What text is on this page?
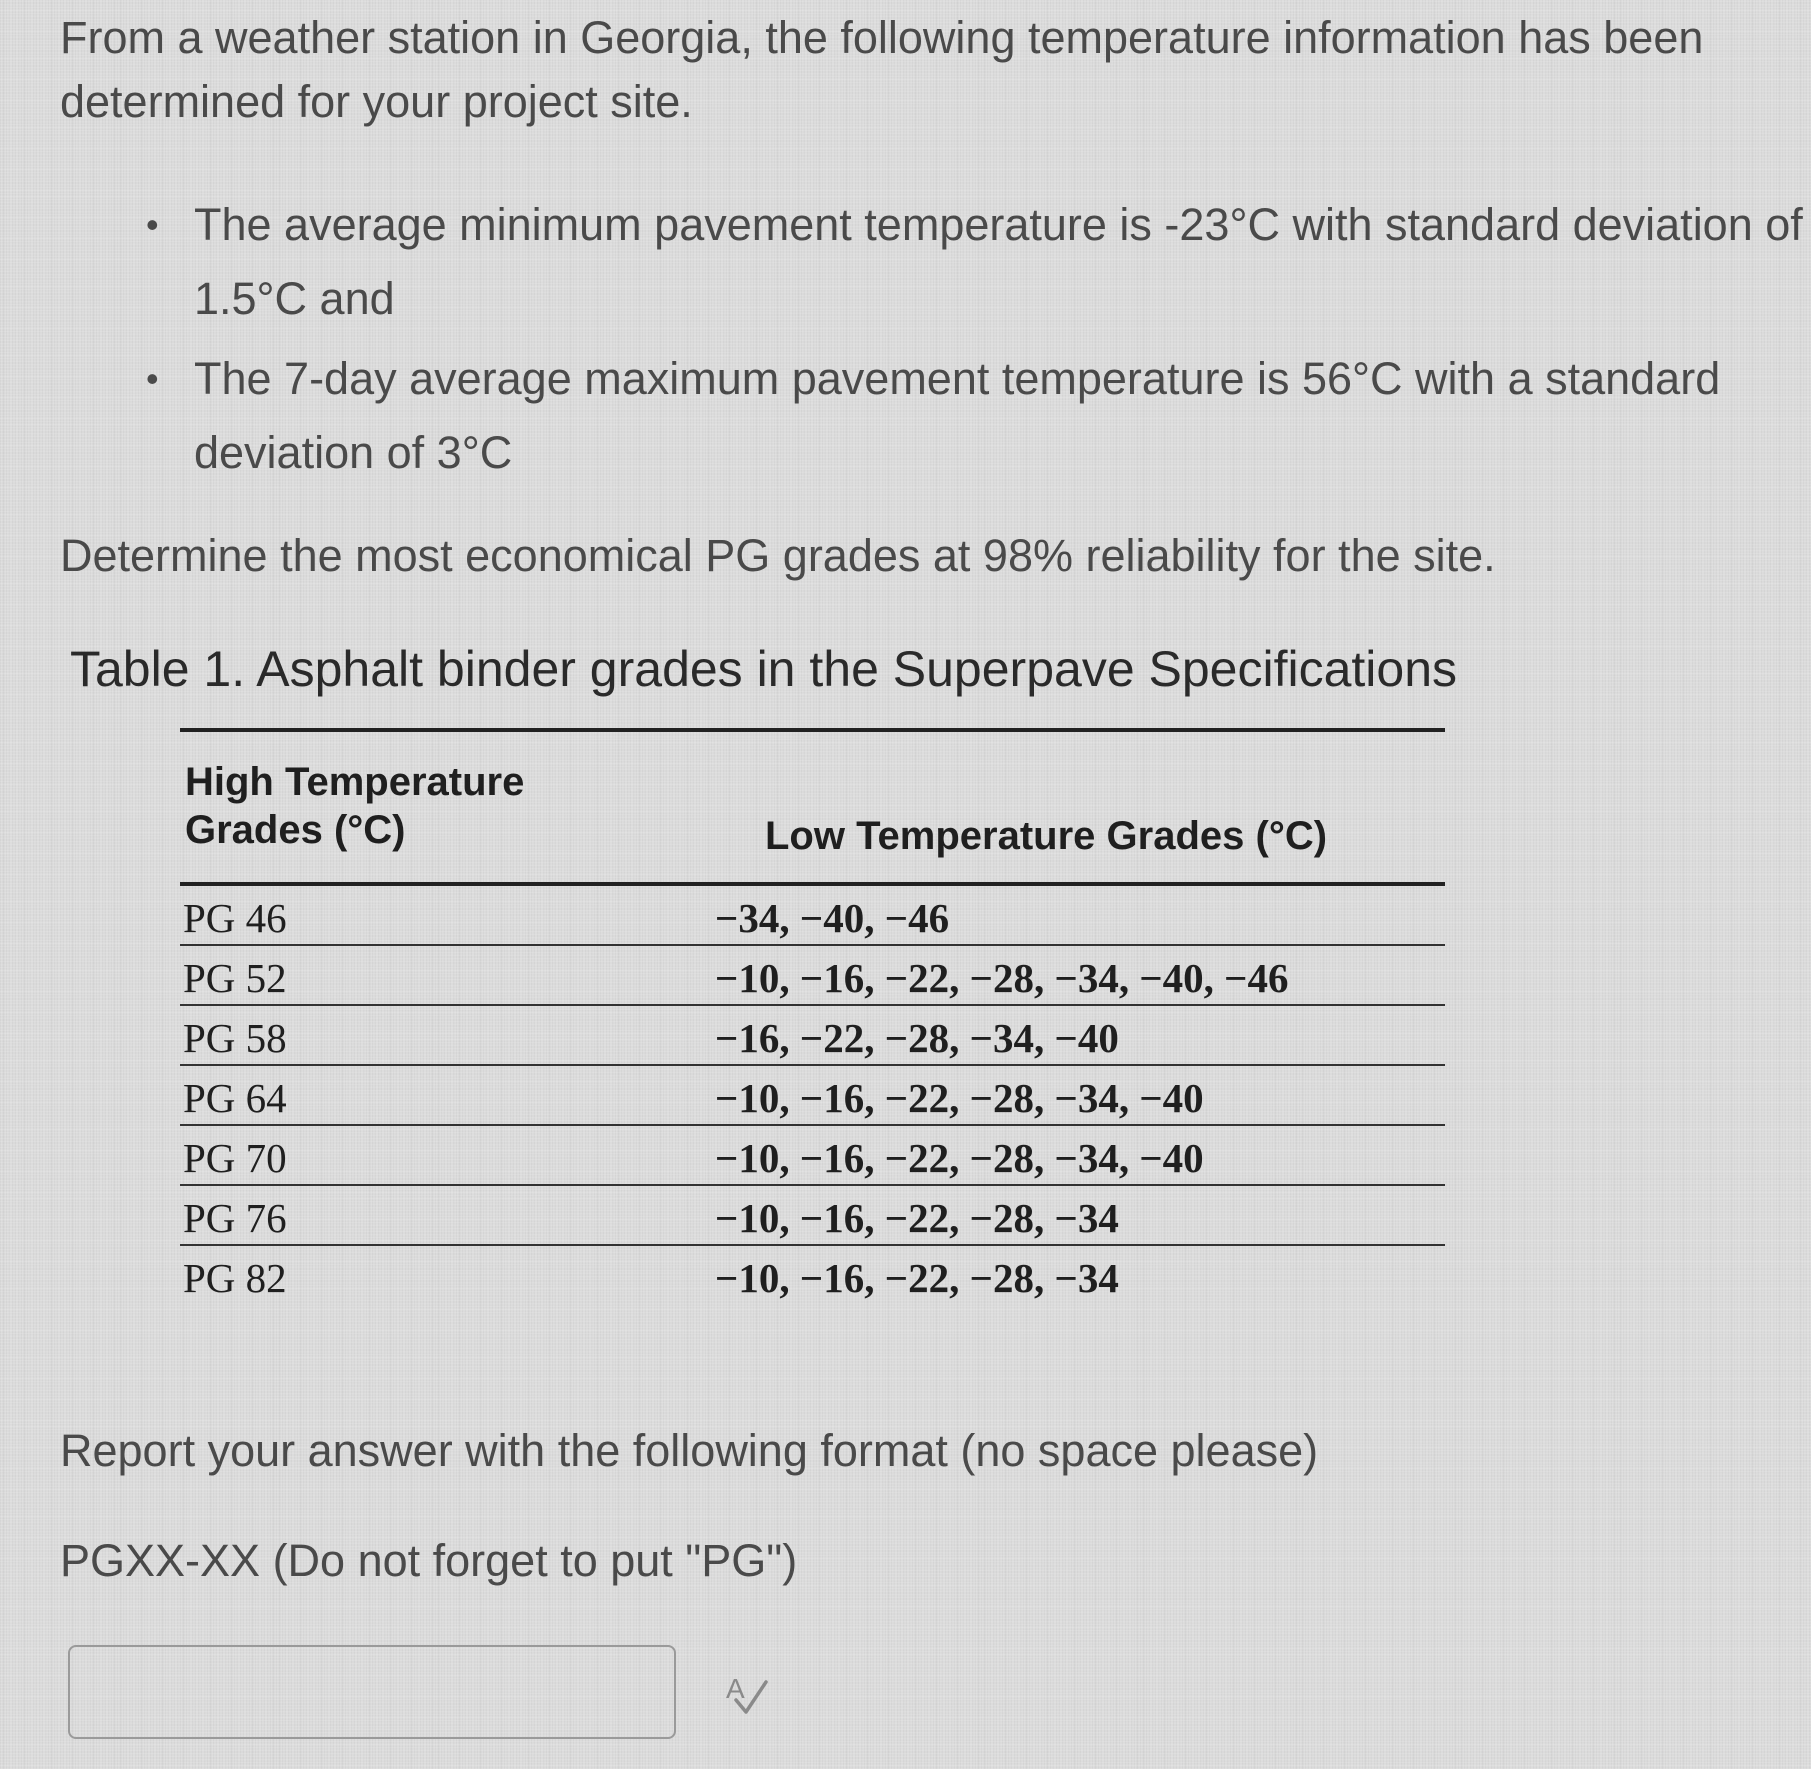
From a weather station in Georgia, the following temperature information has been determined for your project site.

• The average minimum pavement temperature is -23°C with standard deviation of 1.5°C and
• The 7-day average maximum pavement temperature is 56°C with a standard deviation of 3°C

Determine the most economical PG grades at 98% reliability for the site.

Table 1. Asphalt binder grades in the Superpave Specifications

High Temperature Grades (°C)	Low Temperature Grades (°C)
PG 46	−34, −40, −46
PG 52	−10, −16, −22, −28, −34, −40, −46
PG 58	−16, −22, −28, −34, −40
PG 64	−10, −16, −22, −28, −34, −40
PG 70	−10, −16, −22, −28, −34, −40
PG 76	−10, −16, −22, −28, −34
PG 82	−10, −16, −22, −28, −34

Report your answer with the following format (no space please)

PGXX-XX (Do not forget to put "PG")

A
